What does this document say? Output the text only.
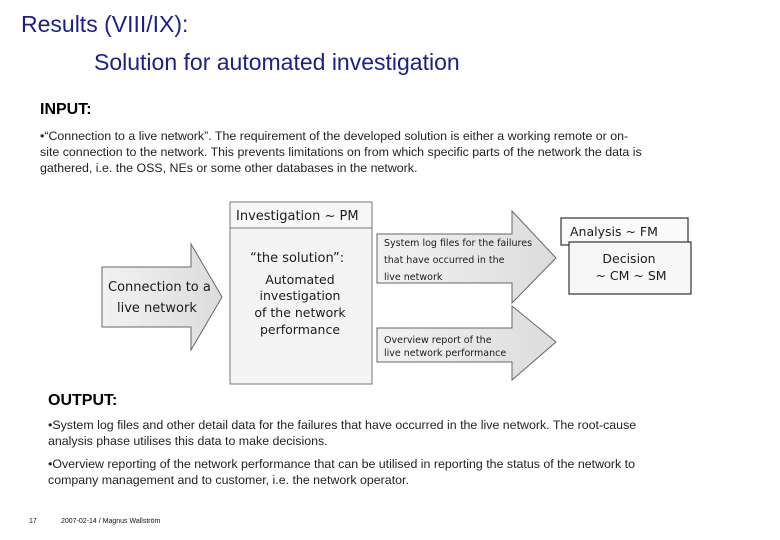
Results (VIII/IX):
Solution for automated investigation
INPUT:
•“Connection to a live network”. The requirement of the developed solution is either a working remote or on-
site connection to the network. This prevents limitations on from which specific parts of the network the data is
gathered, i.e. the OSS, NEs or some other databases in the network.
Connection to a
live network
Investigation ~ PM
“the solution”:
Automated
investigation
of the network
performance
System log files for the failures
that have occurred in the
live network
Overview report of the
live network performance
Analysis ~ FM
Decision
~ CM ~ SM
OUTPUT:
•System log files and other detail data for the failures that have occurred in the live network. The root-cause
analysis phase utilises this data to make decisions.
•Overview reporting of the network performance that can be utilised in reporting the status of the network to
company management and to customer, i.e. the network operator.
17	2007-02-14 / Magnus Wallström
